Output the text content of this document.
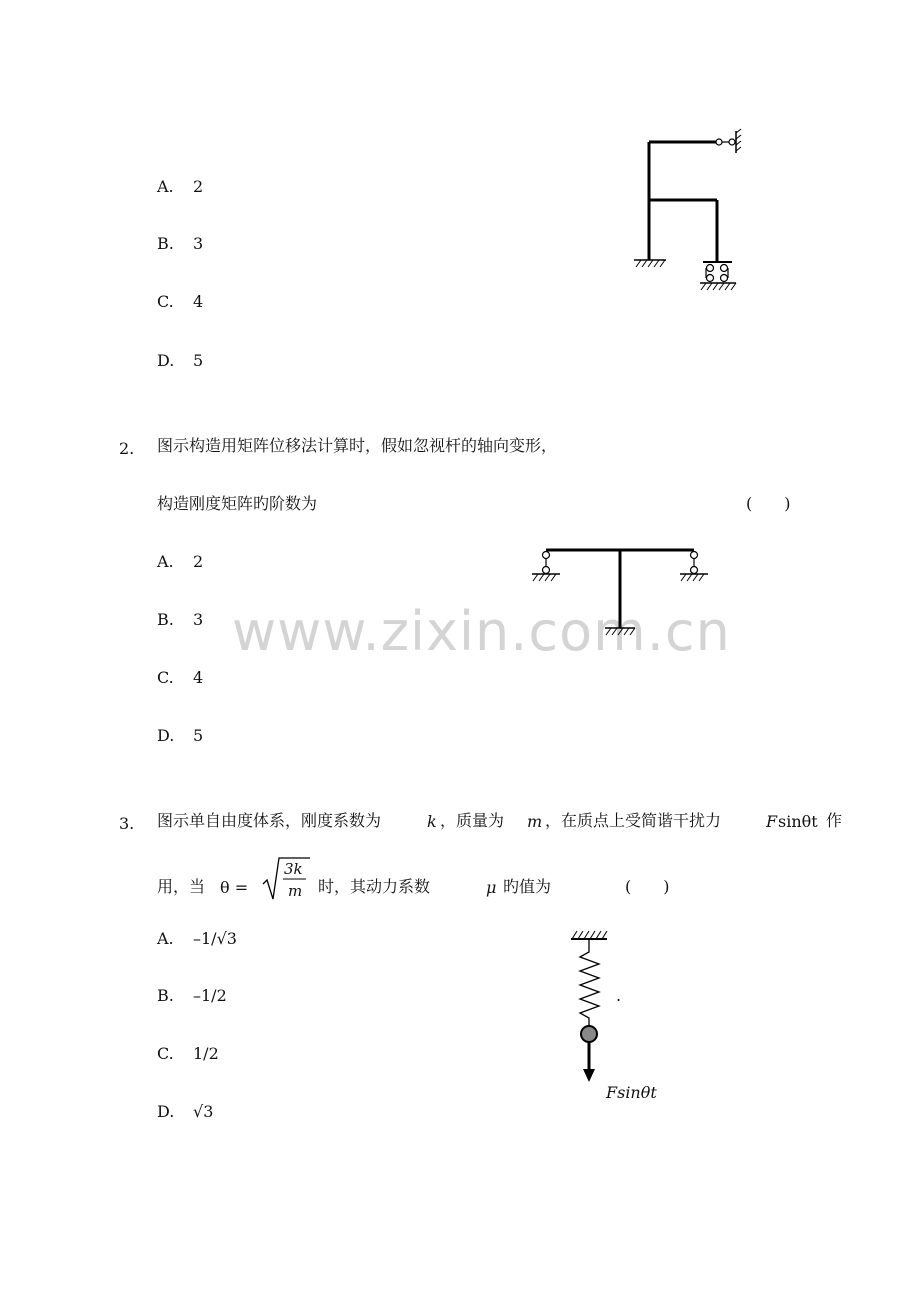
www.zixin.com.cn
A. 2
B. 3
C. 4
D. 5
2. 图示构造用矩阵位移法计算时，假如忽视杆的轴向变形，
构造刚度矩阵旳阶数为	(　　)
A. 2
B. 3
C. 4
D. 5
3. 图示单自由度体系，刚度系数为	k ，质量为 m ，在质点上受简谐干扰力	F sinθt 作
用，当 θ =
3k
m 时，其动力系数	μ 旳值为	(　　)
A. –1/√3
B. –1/2
C. 1/2
D. √3
.
Fsinθt
